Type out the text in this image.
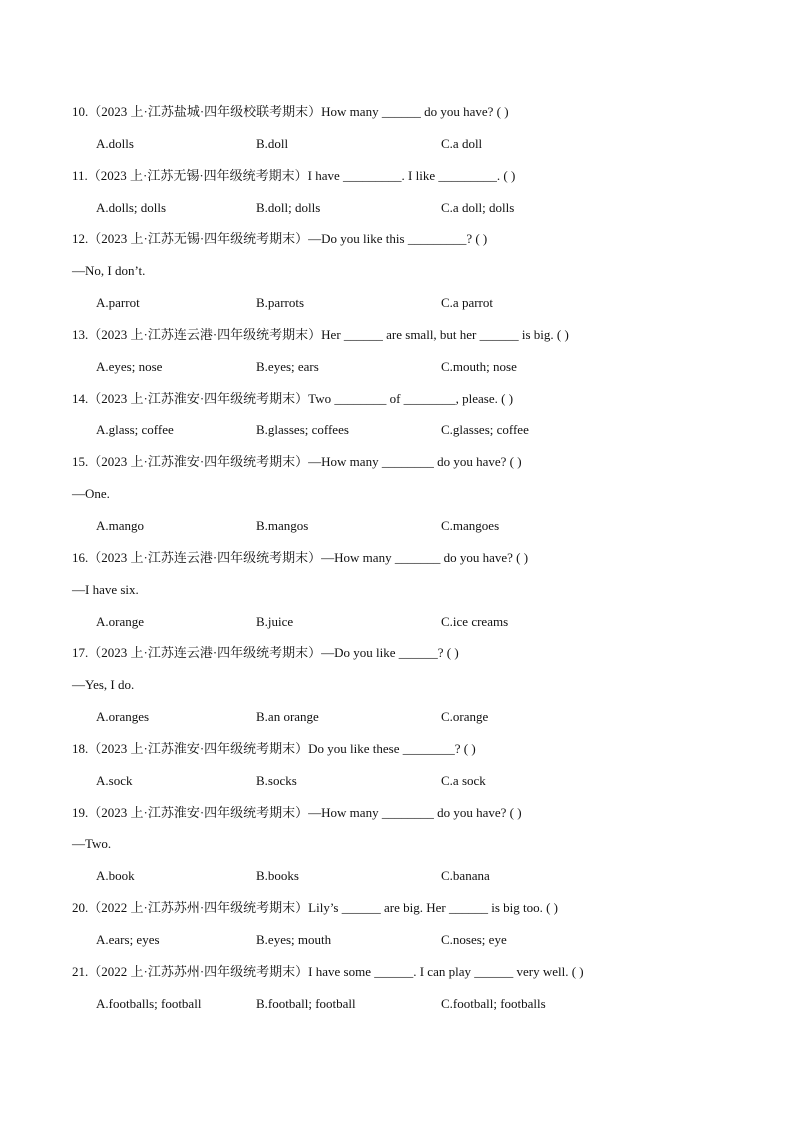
10.（2023 上·江苏盐城·四年级校联考期末）How many ______ do you have? ( )
A.dolls	B.doll	C.a doll
11.（2023 上·江苏无锡·四年级统考期末）I have _________. I like _________. ( )
A.dolls; dolls	B.doll; dolls	C.a doll; dolls
12.（2023 上·江苏无锡·四年级统考期末）—Do you like this _________? ( )
—No, I don’t.
A.parrot	B.parrots	C.a parrot
13.（2023 上·江苏连云港·四年级统考期末）Her ______ are small, but her ______ is big. ( )
A.eyes; nose	B.eyes; ears	C.mouth; nose
14.（2023 上·江苏淮安·四年级统考期末）Two ________ of ________, please. ( )
A.glass; coffee	B.glasses; coffees	C.glasses; coffee
15.（2023 上·江苏淮安·四年级统考期末）—How many ________ do you have? ( )
—One.
A.mango	B.mangos	C.mangoes
16.（2023 上·江苏连云港·四年级统考期末）—How many _______ do you have? ( )
—I have six.
A.orange	B.juice	C.ice creams
17.（2023 上·江苏连云港·四年级统考期末）—Do you like ______? ( )
—Yes, I do.
A.oranges	B.an orange	C.orange
18.（2023 上·江苏淮安·四年级统考期末）Do you like these ________? ( )
A.sock	B.socks	C.a sock
19.（2023 上·江苏淮安·四年级统考期末）—How many ________ do you have? ( )
—Two.
A.book	B.books	C.banana
20.（2022 上·江苏苏州·四年级统考期末）Lily’s ______ are big. Her ______ is big too. ( )
A.ears; eyes	B.eyes; mouth	C.noses; eye
21.（2022 上·江苏苏州·四年级统考期末）I have some ______. I can play ______ very well. ( )
A.footballs; football	B.football; football	C.football; footballs
